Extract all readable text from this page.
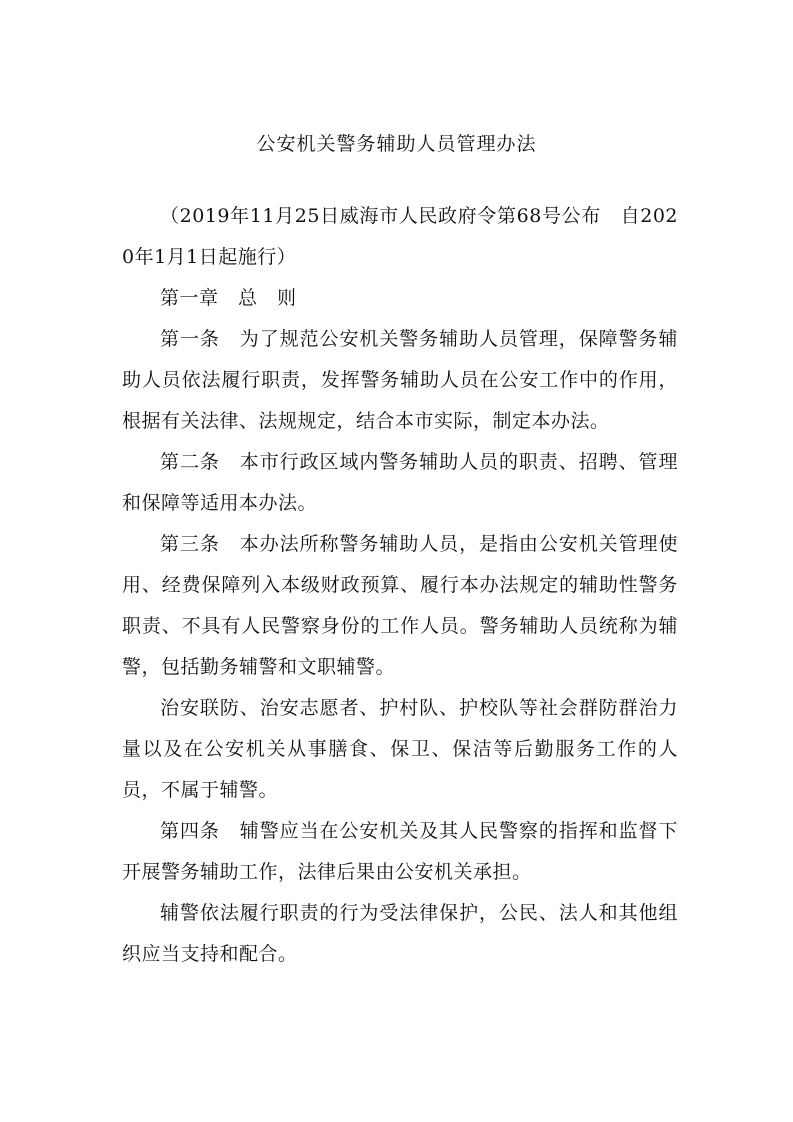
公安机关警务辅助人员管理办法

（2019年11月25日威海市人民政府令第68号公布　自2020年1月1日起施行）

第一章　总　则

第一条　为了规范公安机关警务辅助人员管理，保障警务辅助人员依法履行职责，发挥警务辅助人员在公安工作中的作用，根据有关法律、法规规定，结合本市实际，制定本办法。

第二条　本市行政区域内警务辅助人员的职责、招聘、管理和保障等适用本办法。

第三条　本办法所称警务辅助人员，是指由公安机关管理使用、经费保障列入本级财政预算、履行本办法规定的辅助性警务职责、不具有人民警察身份的工作人员。警务辅助人员统称为辅警，包括勤务辅警和文职辅警。

治安联防、治安志愿者、护村队、护校队等社会群防群治力量以及在公安机关从事膳食、保卫、保洁等后勤服务工作的人员，不属于辅警。

第四条　辅警应当在公安机关及其人民警察的指挥和监督下开展警务辅助工作，法律后果由公安机关承担。

辅警依法履行职责的行为受法律保护，公民、法人和其他组织应当支持和配合。
